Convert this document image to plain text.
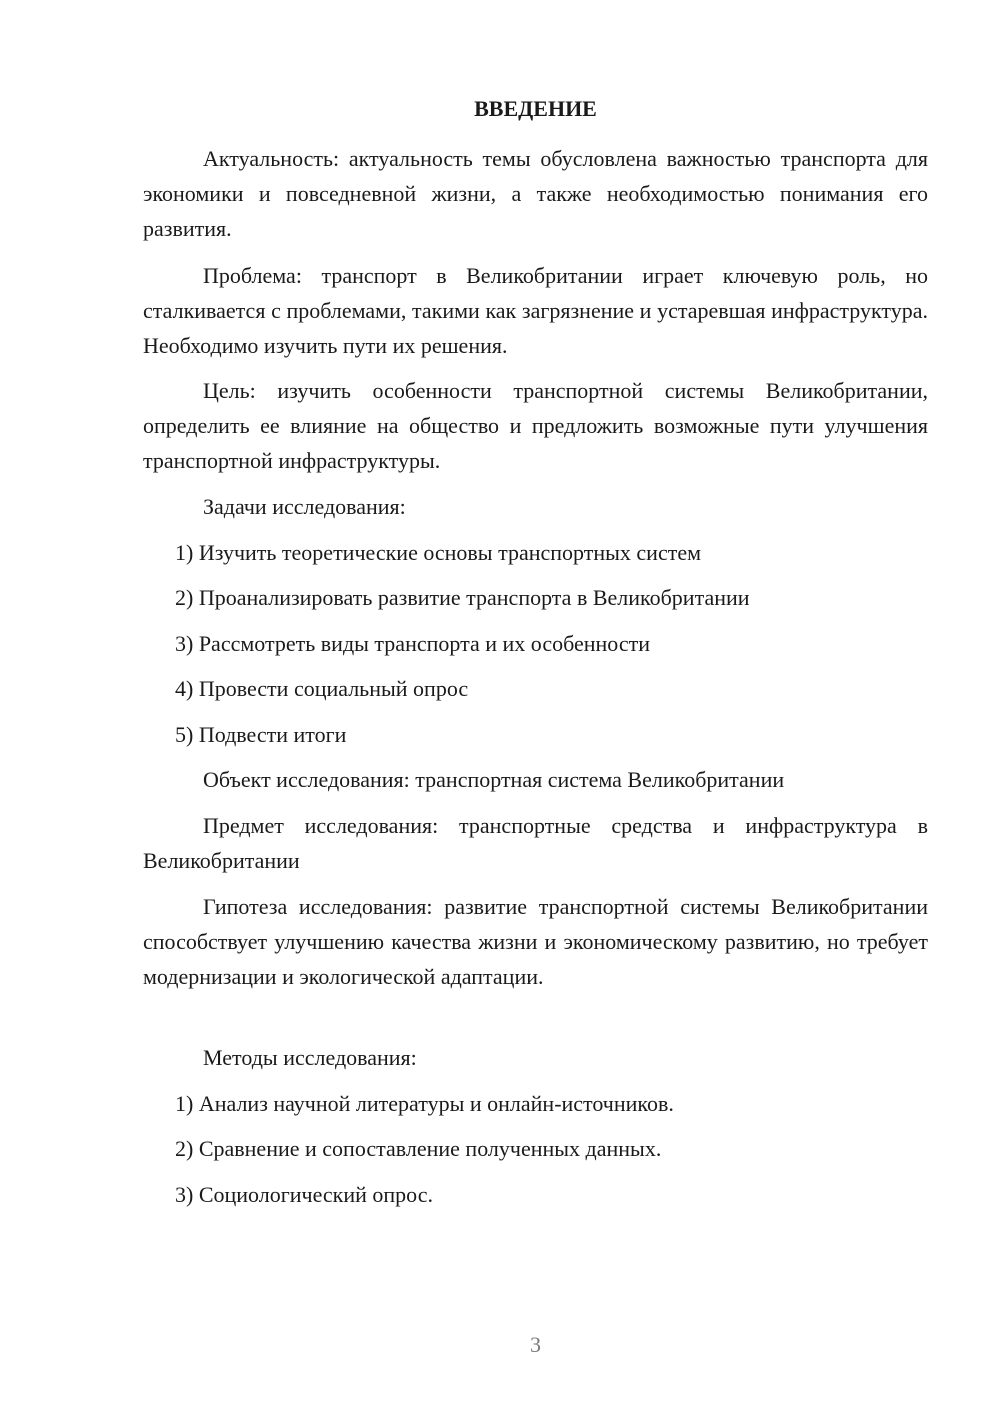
ВВЕДЕНИЕ
Актуальность: актуальность темы обусловлена важностью транспорта для экономики и повседневной жизни, а также необходимостью понимания его развития.
Проблема: транспорт в Великобритании играет ключевую роль, но сталкивается с проблемами, такими как загрязнение и устаревшая инфраструктура. Необходимо изучить пути их решения.
Цель: изучить особенности транспортной системы Великобритании, определить ее влияние на общество и предложить возможные пути улучшения транспортной инфраструктуры.
Задачи исследования:
1) Изучить теоретические основы транспортных систем
2) Проанализировать развитие транспорта в Великобритании
3) Рассмотреть виды транспорта и их особенности
4) Провести социальный опрос
5) Подвести итоги
Объект исследования: транспортная система Великобритании
Предмет исследования: транспортные средства и инфраструктура в Великобритании
Гипотеза исследования: развитие транспортной системы Великобритании способствует улучшению качества жизни и экономическому развитию, но требует модернизации и экологической адаптации.
Методы исследования:
1) Анализ научной литературы и онлайн-источников.
2) Сравнение и сопоставление полученных данных.
3) Социологический опрос.
3
